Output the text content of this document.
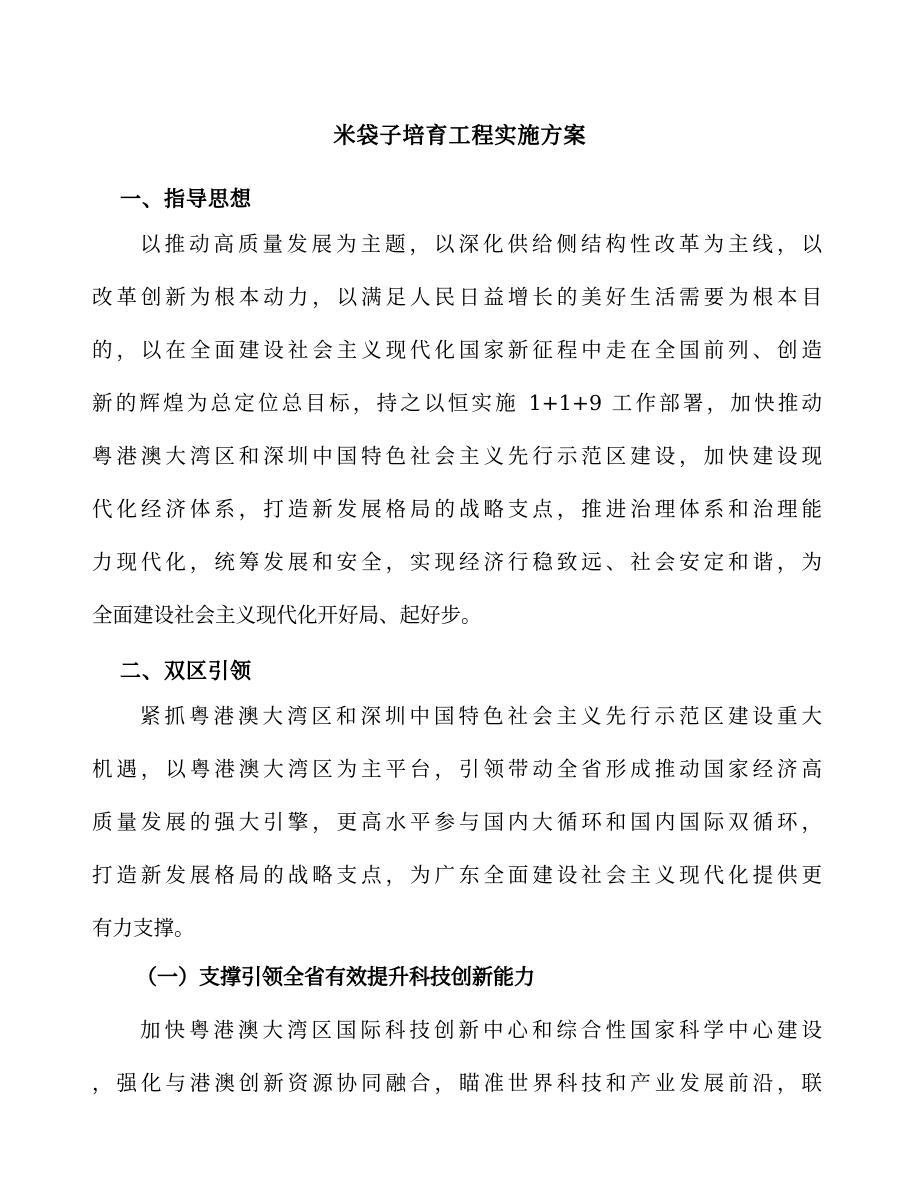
米袋子培育工程实施方案
一、指导思想
以推动高质量发展为主题，以深化供给侧结构性改革为主线，以
改革创新为根本动力，以满足人民日益增长的美好生活需要为根本目
的，以在全面建设社会主义现代化国家新征程中走在全国前列、创造
新的辉煌为总定位总目标，持之以恒实施 1+1+9 工作部署，加快推动
粤港澳大湾区和深圳中国特色社会主义先行示范区建设，加快建设现
代化经济体系，打造新发展格局的战略支点，推进治理体系和治理能
力现代化，统筹发展和安全，实现经济行稳致远、社会安定和谐，为
全面建设社会主义现代化开好局、起好步。
二、双区引领
紧抓粤港澳大湾区和深圳中国特色社会主义先行示范区建设重大
机遇，以粤港澳大湾区为主平台，引领带动全省形成推动国家经济高
质量发展的强大引擎，更高水平参与国内大循环和国内国际双循环，
打造新发展格局的战略支点，为广东全面建设社会主义现代化提供更
有力支撑。
（一）支撑引领全省有效提升科技创新能力
加快粤港澳大湾区国际科技创新中心和综合性国家科学中心建设
，强化与港澳创新资源协同融合，瞄准世界科技和产业发展前沿，联
